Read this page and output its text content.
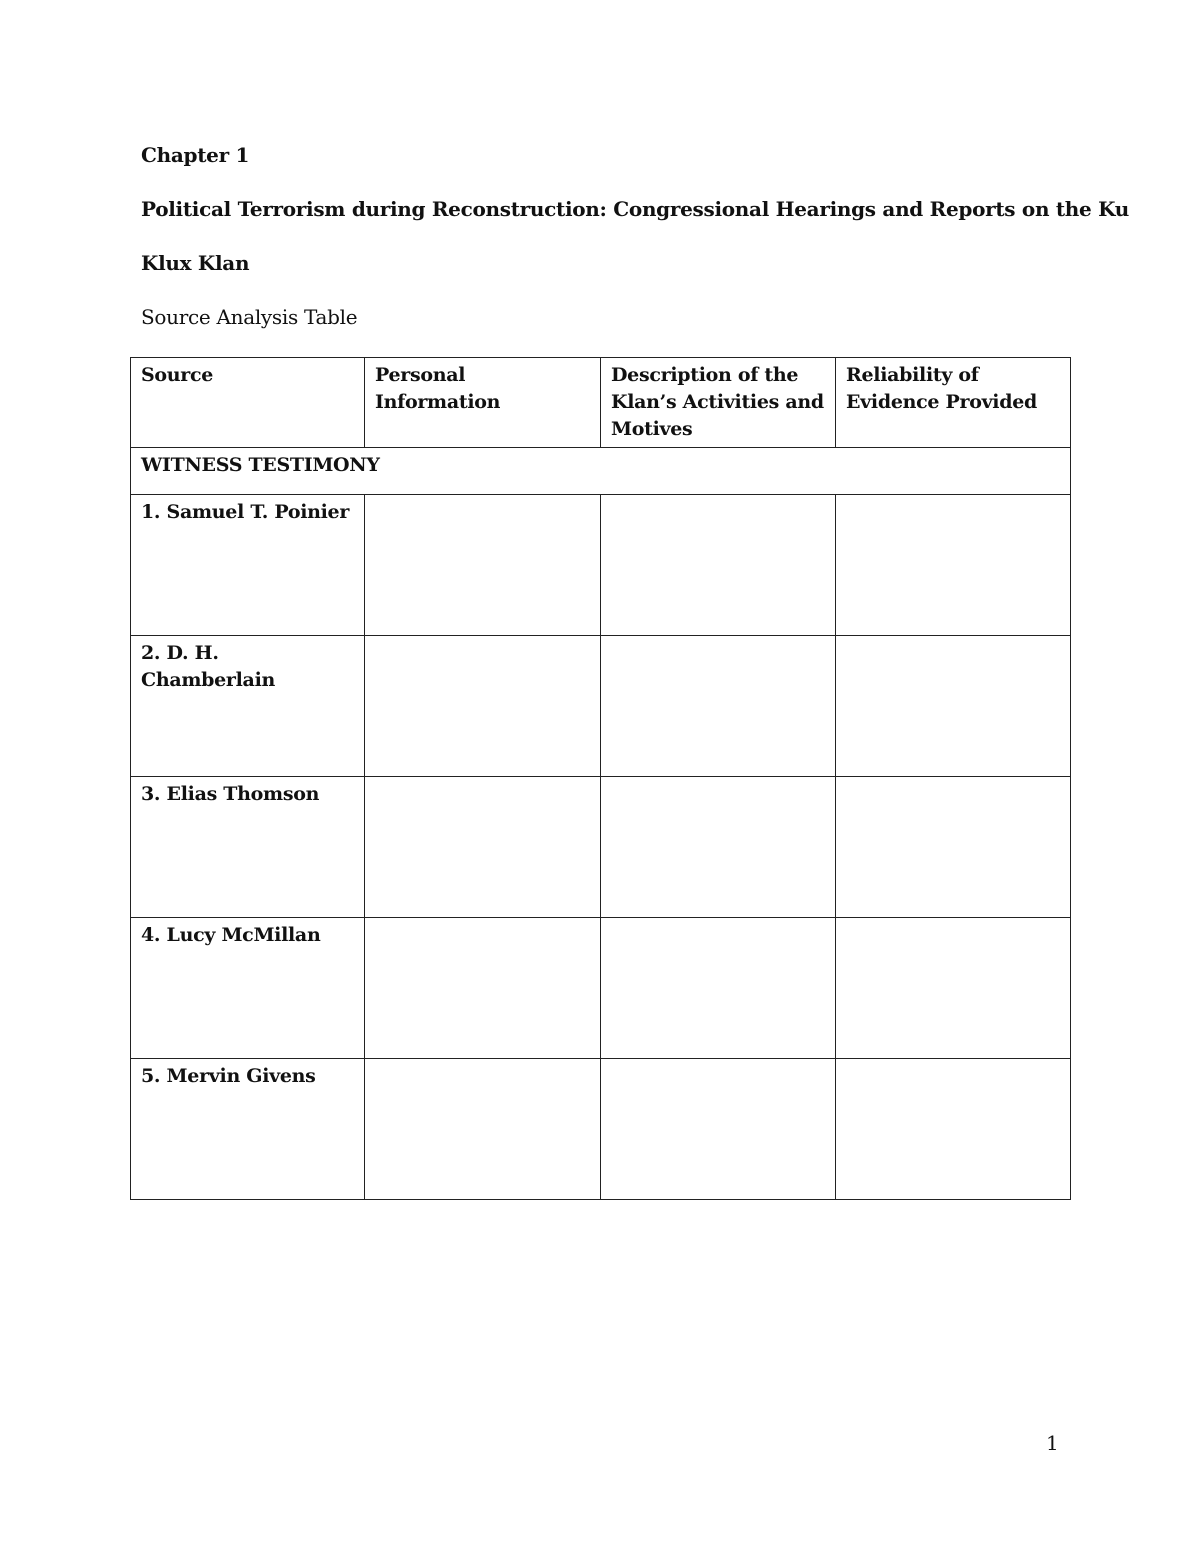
Chapter 1
Political Terrorism during Reconstruction: Congressional Hearings and Reports on the Ku
Klux Klan
Source Analysis Table
Source	Personal Information	Description of the Klan’s Activities and Motives	Reliability of Evidence Provided
WITNESS TESTIMONY			
1. Samuel T. Poinier			
2. D. H. Chamberlain			
3. Elias Thomson			
4. Lucy McMillan			
5. Mervin Givens			
1
